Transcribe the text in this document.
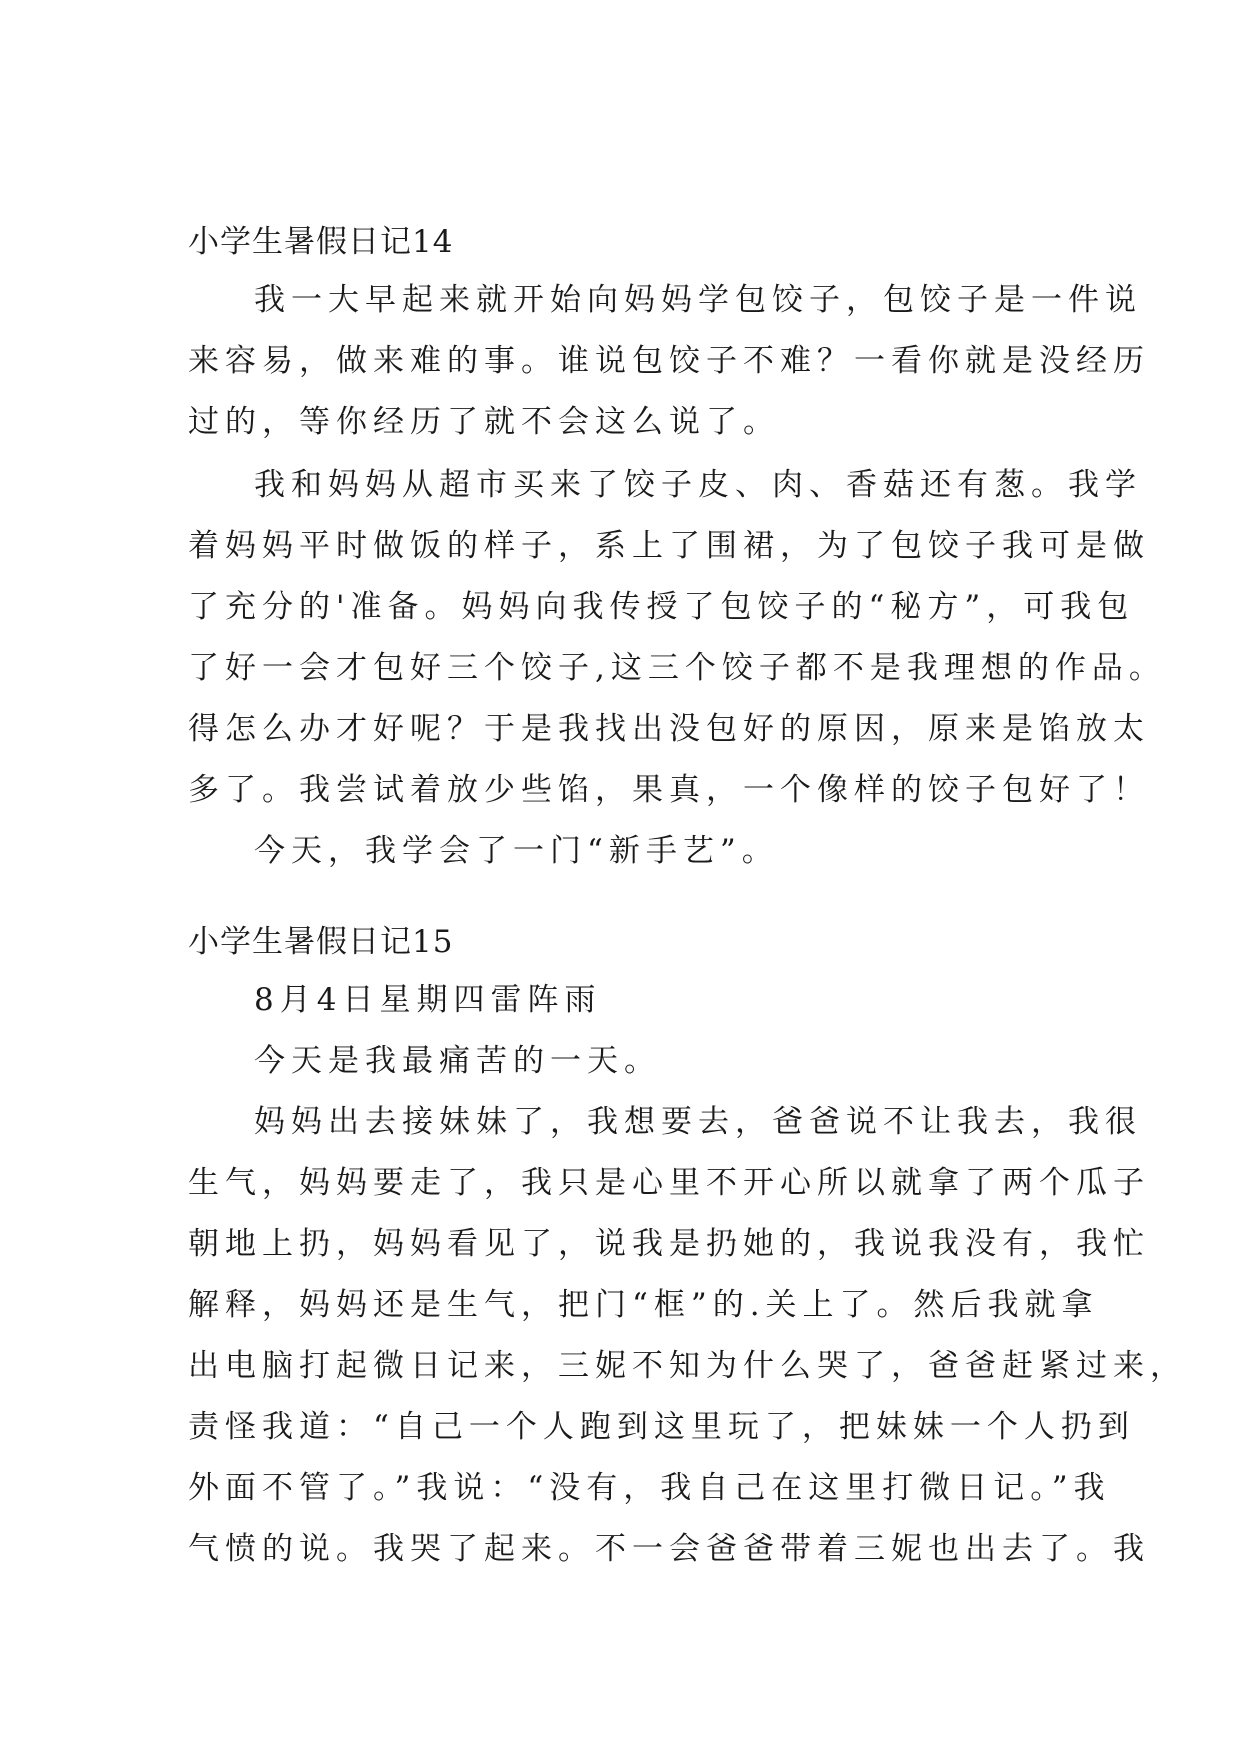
小学生暑假日记14
我一大早起来就开始向妈妈学包饺子，包饺子是一件说
来容易，做来难的事。谁说包饺子不难？一看你就是没经历
过的，等你经历了就不会这么说了。
我和妈妈从超市买来了饺子皮、肉、香菇还有葱。我学
着妈妈平时做饭的样子，系上了围裙，为了包饺子我可是做
了充分的'准备。妈妈向我传授了包饺子的“秘方”，可我包
了好一会才包好三个饺子,这三个饺子都不是我理想的作品。
得怎么办才好呢？于是我找出没包好的原因，原来是馅放太
多了。我尝试着放少些馅，果真，一个像样的饺子包好了！
今天，我学会了一门“新手艺”。
小学生暑假日记15
8月4日星期四雷阵雨
今天是我最痛苦的一天。
妈妈出去接妹妹了，我想要去，爸爸说不让我去，我很
生气，妈妈要走了，我只是心里不开心所以就拿了两个瓜子
朝地上扔，妈妈看见了，说我是扔她的，我说我没有，我忙
解释，妈妈还是生气，把门“框”的.关上了。然后我就拿
出电脑打起微日记来，三妮不知为什么哭了，爸爸赶紧过来，
责怪我道：“自己一个人跑到这里玩了，把妹妹一个人扔到
外面不管了。”我说：“没有，我自己在这里打微日记。”我
气愤的说。我哭了起来。不一会爸爸带着三妮也出去了。我
